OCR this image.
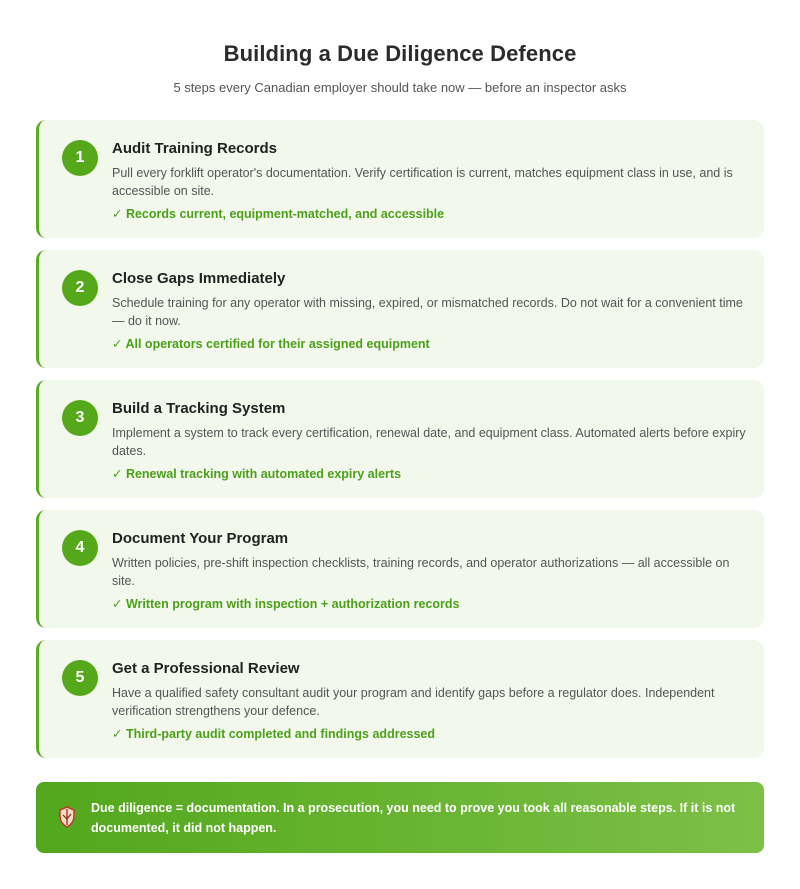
Building a Due Diligence Defence

5 steps every Canadian employer should take now — before an inspector asks

1
Audit Training Records
Pull every forklift operator's documentation. Verify certification is current, matches equipment class in use, and is accessible on site.
✓ Records current, equipment-matched, and accessible
2
Close Gaps Immediately
Schedule training for any operator with missing, expired, or mismatched records. Do not wait for a convenient time — do it now.
✓ All operators certified for their assigned equipment
3
Build a Tracking System
Implement a system to track every certification, renewal date, and equipment class. Automated alerts before expiry dates.
✓ Renewal tracking with automated expiry alerts
4
Document Your Program
Written policies, pre-shift inspection checklists, training records, and operator authorizations — all accessible on site.
✓ Written program with inspection + authorization records
5
Get a Professional Review
Have a qualified safety consultant audit your program and identify gaps before a regulator does. Independent verification strengthens your defence.
✓ Third-party audit completed and findings addressed
Due diligence = documentation. In a prosecution, you need to prove you took all reasonable steps. If it is not documented, it did not happen.
